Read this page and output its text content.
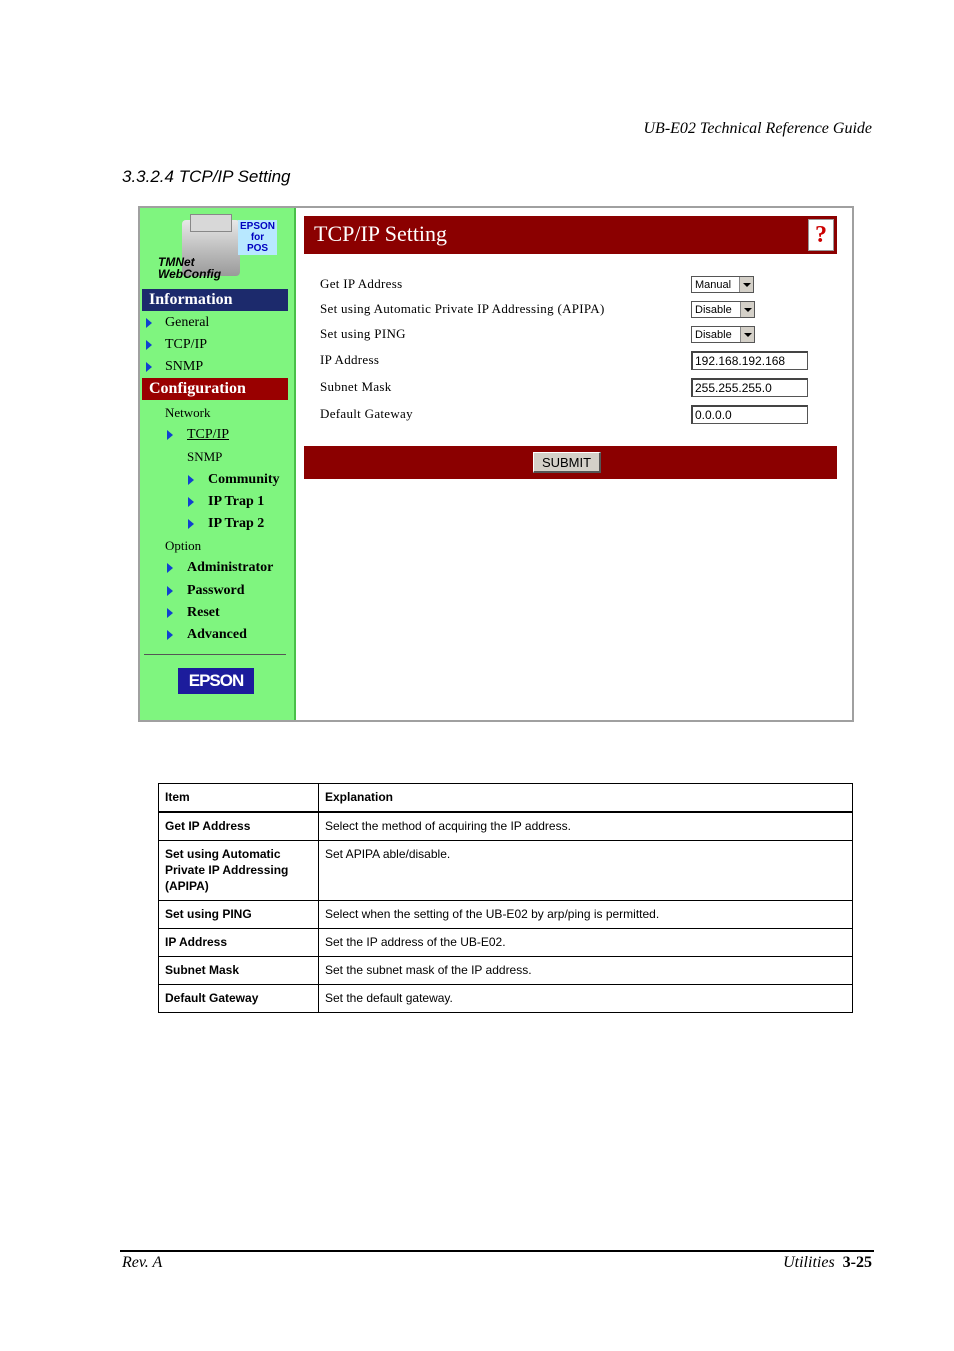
UB-E02 Technical Reference Guide
3.3.2.4 TCP/IP Setting
EPSON
for
POS
TMNet
WebConfig
Information
General
TCP/IP
SNMP
Configuration
Network
TCP/IP
SNMP
Community
IP Trap 1
IP Trap 2
Option
Administrator
Password
Reset
Advanced
EPSON
TCP/IP Setting	?
Get IP Address	Manual
Set using Automatic Private IP Addressing (APIPA)	Disable
Set using PING	Disable
IP Address	192.168.192.168
Subnet Mask	255.255.255.0
Default Gateway	0.0.0.0
SUBMIT
Item	Explanation
Get IP Address	Select the method of acquiring the IP address.
Set using Automatic Private IP Addressing (APIPA)	Set APIPA able/disable.
Set using PING	Select when the setting of the UB-E02 by arp/ping is permitted.
IP Address	Set the IP address of the UB-E02.
Subnet Mask	Set the subnet mask of the IP address.
Default Gateway	Set the default gateway.
Rev. A	Utilities 3-25
